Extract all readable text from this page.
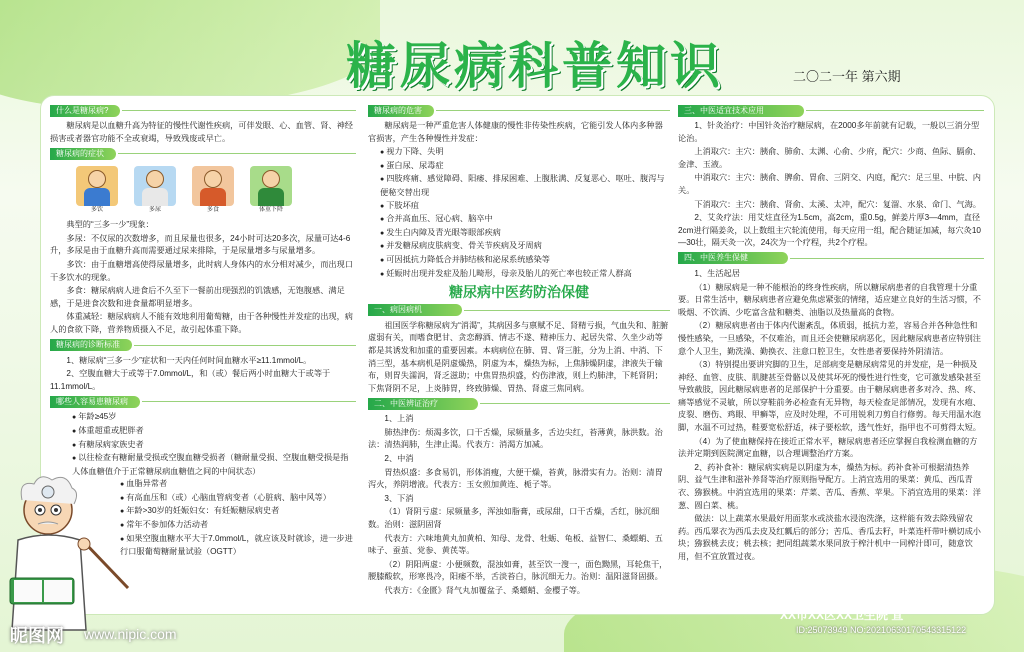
糖尿病科普知识	二〇二一年 第六期
什么是糖尿病?

糖尿病是以血糖升高为特征的慢性代谢性疾病，可伴发眼、心、血管、肾、神经损害或者器官功能不全或衰竭，导致残废或早亡。

糖尿病的症状
多饮	多尿	多食	体重下降

典型的“三多一少”现象：

多尿：不仅尿的次数增多，而且尿量也很多，24小时可达20多次，尿量可达4-6升，多尿是由于血糖升高而需要通过尿来排除，于是尿量增多与尿量增多。

多饮：由于血糖增高使得尿量增多，此时病人身体内的水分相对减少，而出现口干多饮水的现象。

多食：糖尿病病人进食后不久至下一餐前出现强烈的饥饿感，无饱腹感、满足感，于是进食次数和进食量都明显增多。

体重减轻：糖尿病病人不能有效地利用葡萄糖，由于各种慢性并发症的出现，病人的食欲下降，营养物质摄入不足，故引起体重下降。

糖尿病的诊断标准

1、糖尿病“三多一少”症状和一天内任何时间血糖水平≥11.1mmol/L。

2、空腹血糖大于或等于7.0mmol/L，和（或）餐后两小时血糖大于或等于11.1mmol/L。

哪些人容易患糖尿病
● 年龄≥45岁
● 体重超重或肥胖者
● 有糖尿病家族史者
● 以往检查有糖耐量受损或空腹血糖受损者（糖耐量受损、空腹血糖受损是指人体血糖值介于正常糖尿病血糖值之间的中间状态）
● 血脂异常者
● 有高血压和（或）心脑血管病变者（心脏病、脑中风等）
● 年龄>30岁的妊娠妇女：有妊娠糖尿病史者
● 常年不参加体力活动者
● 如果空腹血糖水平大于7.0mmol/L，就应该及时就诊，进一步进行口服葡萄糖耐量试验（OGTT）
糖尿病的危害

糖尿病是一种严重危害人体健康的慢性非传染性疾病，它能引发人体内多种器官损害，产生各种慢性并发症：

● 视力下降、失明
● 蛋白尿、尿毒症
● 四肢疼痛、感觉障碍、阳痿、排尿困难、上腹胀满、反复恶心、呕吐、腹泻与便秘交替出现
● 下肢坏疽
● 合并高血压、冠心病、脑卒中
● 发生白内障及青光眼等眼部疾病
● 并发糖尿病皮肤病变、骨关节疾病及牙周病
● 可因抵抗力降低合并肺结核和泌尿系统感染等
● 妊娠时出现并发症及胎儿畸形，母亲及胎儿的死亡率也较正常人群高
糖尿病中医药防治保健
一、病因病机

祖国医学称糖尿病为“消渴”，其病因多与禀赋不足、肾精亏损，气血失和、脏腑虚弱有关，而嗜食肥甘、贪恋醇酒、情志不遂、精神压力、起居失常、久坐少动等都是其诱发和加重的重要因素。本病病位在肺、胃、肾三脏，分为上消、中消、下消三型，基本病机是阴虚燥热，阴虚为本，燥热为标，上焦肺燥阴虚，津液失于输布，则胃失濡润，肾乏滋助；中焦胃热炽盛，灼伤津液，则上灼肺津，下耗肾阴；下焦肾阴不足，上炎肺胃，终致肺燥、胃热、肾虚三焦同病。

二、中医辨证治疗

1、上消

肺热津伤：烦渴多饮，口干舌燥，尿频量多，舌边尖红，苔薄黄，脉洪数。治法：清热润肺，生津止渴。代表方：消渴方加减。

2、中消

胃热炽盛：多食易饥，形体消瘦，大便干燥，苔黄，脉滑实有力。治则：清胃泻火，养阴增液。代表方：玉女煎加黄连、栀子等。

3、下消

（1）肾阴亏虚：尿频量多，浑浊如脂膏，或尿甜，口干舌燥，舌红，脉沉细数。治则：滋阴固肾

代表方：六味地黄丸加黄柏、知母、龙骨、牡蛎、龟板、益智仁、桑螵蛸、五味子、蚕茧、党参、黄芪等。

（2）阴阳两虚：小便频数，混浊如膏，甚至饮一溲一，面色黝黑，耳轮焦干，腰膝酸软，形寒畏冷，阳痿不举，舌淡苔白，脉沉细无力。治则：温阳滋肾固摄。

代表方：《金匮》肾气丸加覆盆子、桑螵蛸、金樱子等。

三、中医适宜技术应用

1、针灸治疗：中国针灸治疗糖尿病，在2000多年前就有记载，一般以三消分型论治。

上消取穴：主穴：胰俞、肺俞、太渊、心俞、少府，配穴：少商、鱼际、膈俞、金津、玉液。

中消取穴：主穴：胰俞、脾俞、胃俞、三阴交、内庭，配穴：足三里、中脘、内关。

下消取穴：主穴：胰俞、肾俞、太溪、太冲，配穴：复溜、水泉、命门、气海。

2、艾灸疗法：用艾炷直径为1.5cm，高2cm，重0.5g，鲜姜片厚3—4mm，直径2cm进行隔姜灸，以上数组主穴轮流使用，每天应用一组，配合随证加减，每穴灸10—30壮，隔天灸一次，24次为一个疗程，共2个疗程。

四、中医养生保健

1、生活起居

（1）糖尿病是一种不能根治的终身性疾病，所以糖尿病患者的自我管理十分重要。日常生活中，糖尿病患者应避免焦虑紧张的情绪，适应建立良好的生活习惯，不吸烟、不饮酒、少吃富含盐和糖类、油脂以及热量高的食物。

（2）糖尿病患者由于体内代谢紊乱，体质弱，抵抗力差，容易合并各种急性和慢性感染，一旦感染，不仅难治，而且还会使糖尿病恶化，因此糖尿病患者应特别注意个人卫生，勤洗澡、勤换衣、注意口腔卫生，女性患者要保持外阴清洁。

（3）特别提出要讲究脚的卫生，足部病变是糖尿病常见的并发症，是一种损及神经、血管、皮肤、肌腱甚至骨骼以及使其坏死的慢性进行性变，它可激发感染甚至导致截肢，因此糖尿病患者的足部保护十分重要。由于糖尿病患者多对冷、热、疼、痛等感觉不灵敏，所以穿鞋前务必检查有无异物，每天检查足部情况，发现有水疱、皮裂、磨伤、鸡眼、甲癣等，应及时处理，不可用锐利刀剪自行修剪。每天用温水泡脚，水温不可过热，鞋要宽松舒适，袜子要松软，透气性好，指甲也不可剪得太短。

（4）为了使血糖保持在接近正常水平，糖尿病患者还应掌握自我检测血糖的方法并定期到医院测定血糖，以合理调整治疗方案。

2、药补食补：糖尿病实病是以阴虚为本，燥热为标。药补食补可根据清热养阴、益气生津和滋补养肾等治疗原则指导配方。上消宜选用的果菜：黄瓜、西瓜青衣、猕猴桃。中消宜选用的果菜：芹菜、苦瓜、香蕉、苹果。下消宜选用的果菜：洋葱、圆白菜、桃。

做法：以上蔬菜水果最好用面浆水或淡盐水浸泡洗涤，这样能有效去除残留农药。西瓜翠衣为西瓜去皮及红瓤后的部分；苦瓜、香瓜去籽，叶菜连杆带叶横切成小块；猕猴桃去皮；桃去核；把同组蔬菜水果同放于榨汁机中一同榨汁即可，随意饮用，但不宜放置过夜。

XX市XX区XX卫生院 宣
昵图网 www.nipic.com	ID:25073949 NO:20210630170543315122
